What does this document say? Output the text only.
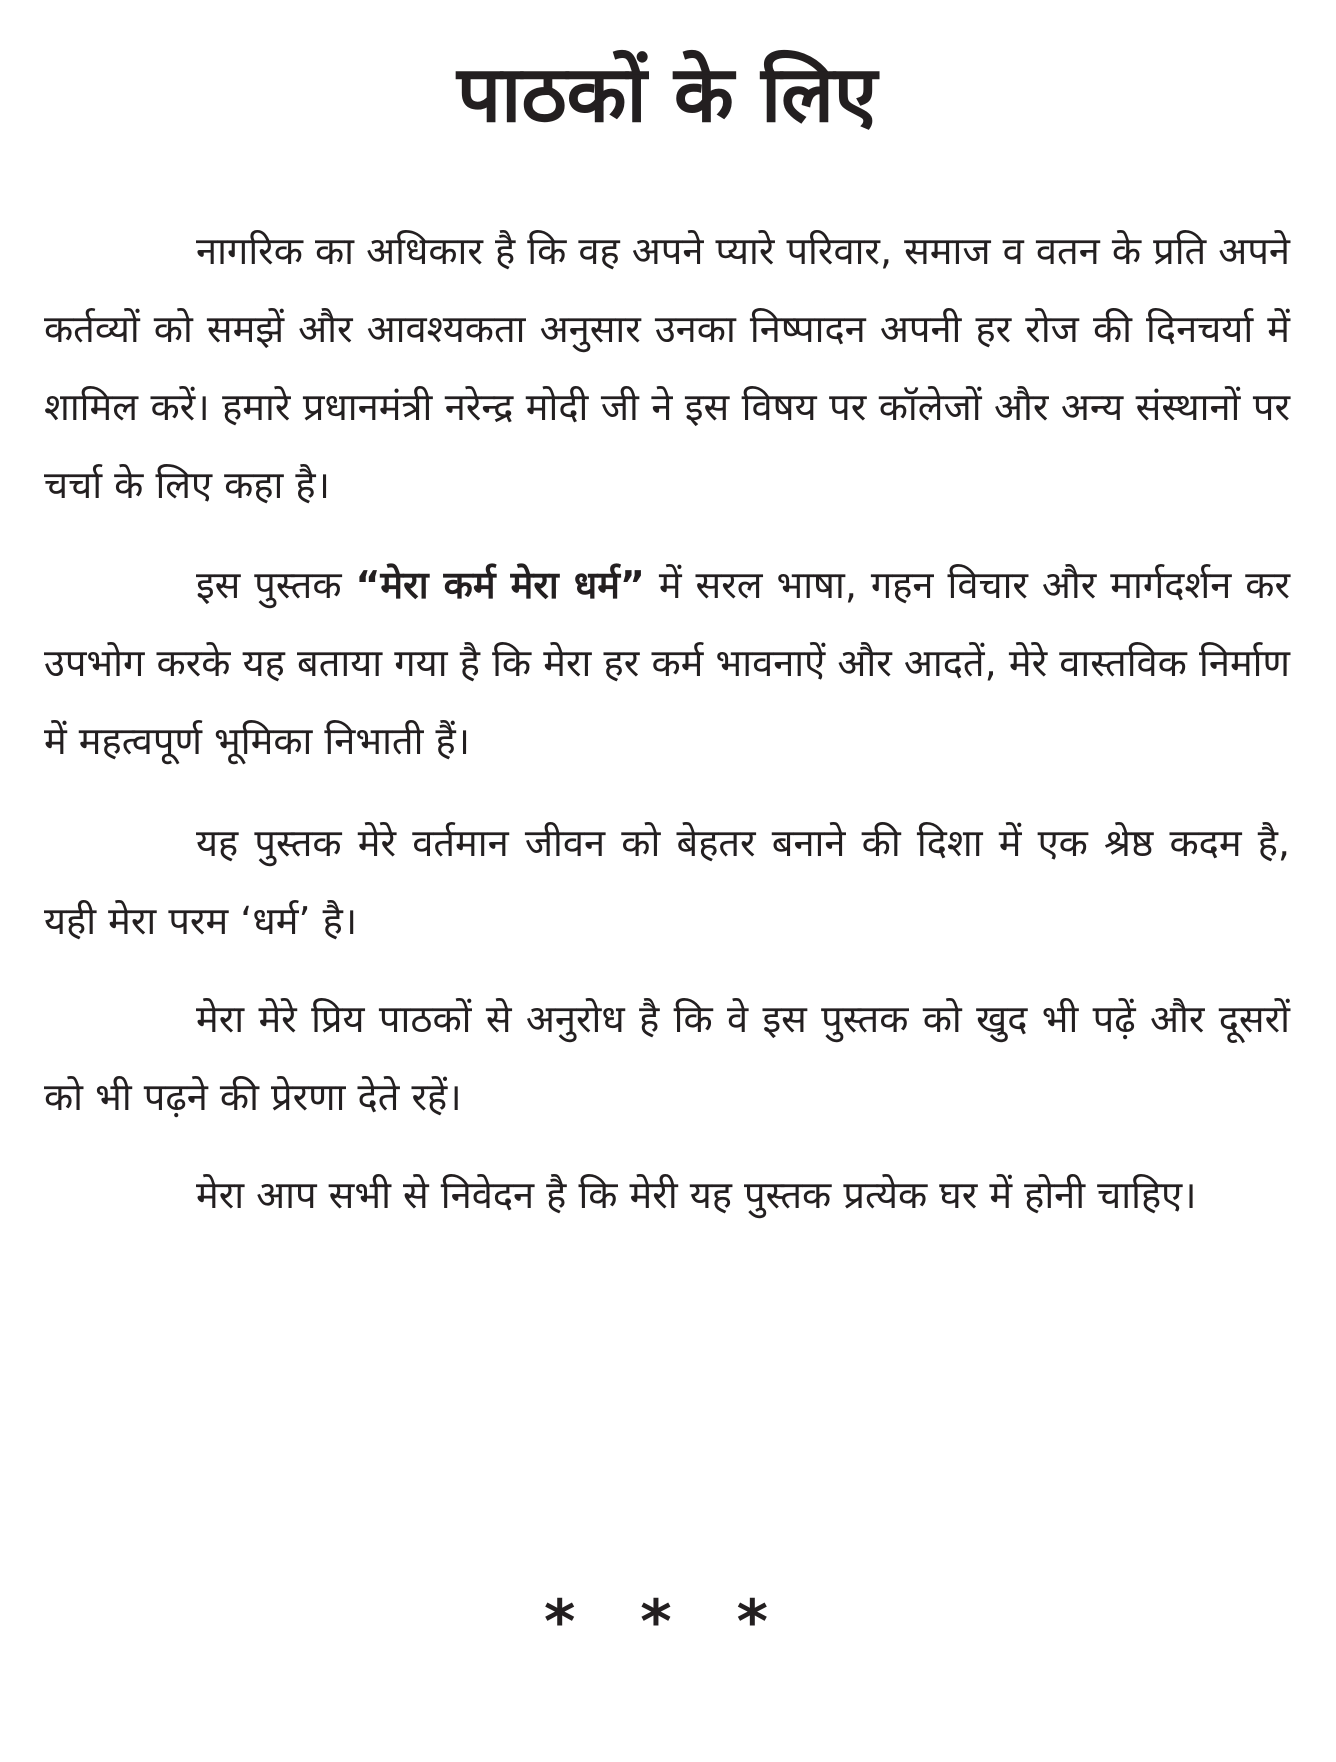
पाठकों के लिए

नागरिक का अधिकार है कि वह अपने प्यारे परिवार, समाज व वतन के प्रति अपने कर्तव्यों को समझें और आवश्यकता अनुसार उनका निष्पादन अपनी हर रोज की दिनचर्या में शामिल करें। हमारे प्रधानमंत्री नरेन्द्र मोदी जी ने इस विषय पर कॉलेजों और अन्य संस्थानों पर चर्चा के लिए कहा है।

इस पुस्तक “मेरा कर्म मेरा धर्म” में सरल भाषा, गहन विचार और मार्गदर्शन कर उपभोग करके यह बताया गया है कि मेरा हर कर्म भावनाऐं और आदतें, मेरे वास्तविक निर्माण में महत्वपूर्ण भूमिका निभाती हैं।

यह पुस्तक मेरे वर्तमान जीवन को बेहतर बनाने की दिशा में एक श्रेष्ठ कदम है, यही मेरा परम ‘धर्म’ है।

मेरा मेरे प्रिय पाठकों से अनुरोध है कि वे इस पुस्तक को खुद भी पढ़ें और दूसरों को भी पढ़ने की प्रेरणा देते रहें।

मेरा आप सभी से निवेदन है कि मेरी यह पुस्तक प्रत्येक घर में होनी चाहिए।

* * *
